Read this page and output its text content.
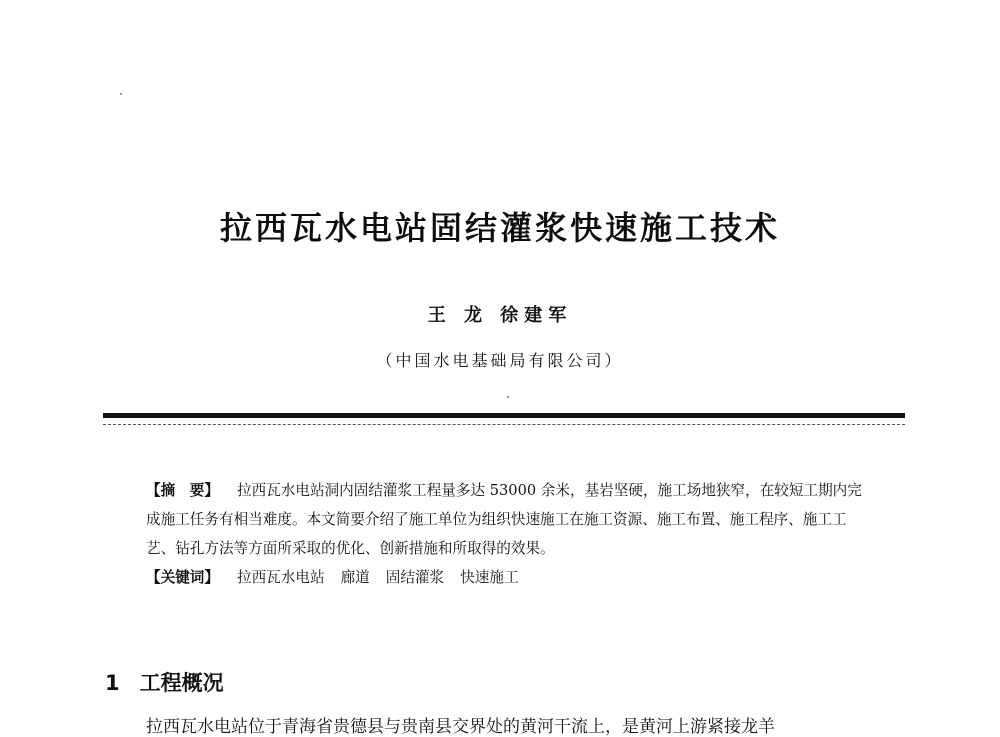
拉西瓦水电站固结灌浆快速施工技术
王 龙 徐建军
（中国水电基础局有限公司）

【摘　要】 拉西瓦水电站洞内固结灌浆工程量多达 53000 余米，基岩坚硬，施工场地狭窄，在较短工期内完成施工任务有相当难度。本文简要介绍了施工单位为组织快速施工在施工资源、施工布置、施工程序、施工工艺、钻孔方法等方面所采取的优化、创新措施和所取得的效果。

【关键词】 拉西瓦水电站 廊道 固结灌浆 快速施工

1 工程概况
拉西瓦水电站位于青海省贵德县与贵南县交界处的黄河干流上，是黄河上游紧接龙羊
